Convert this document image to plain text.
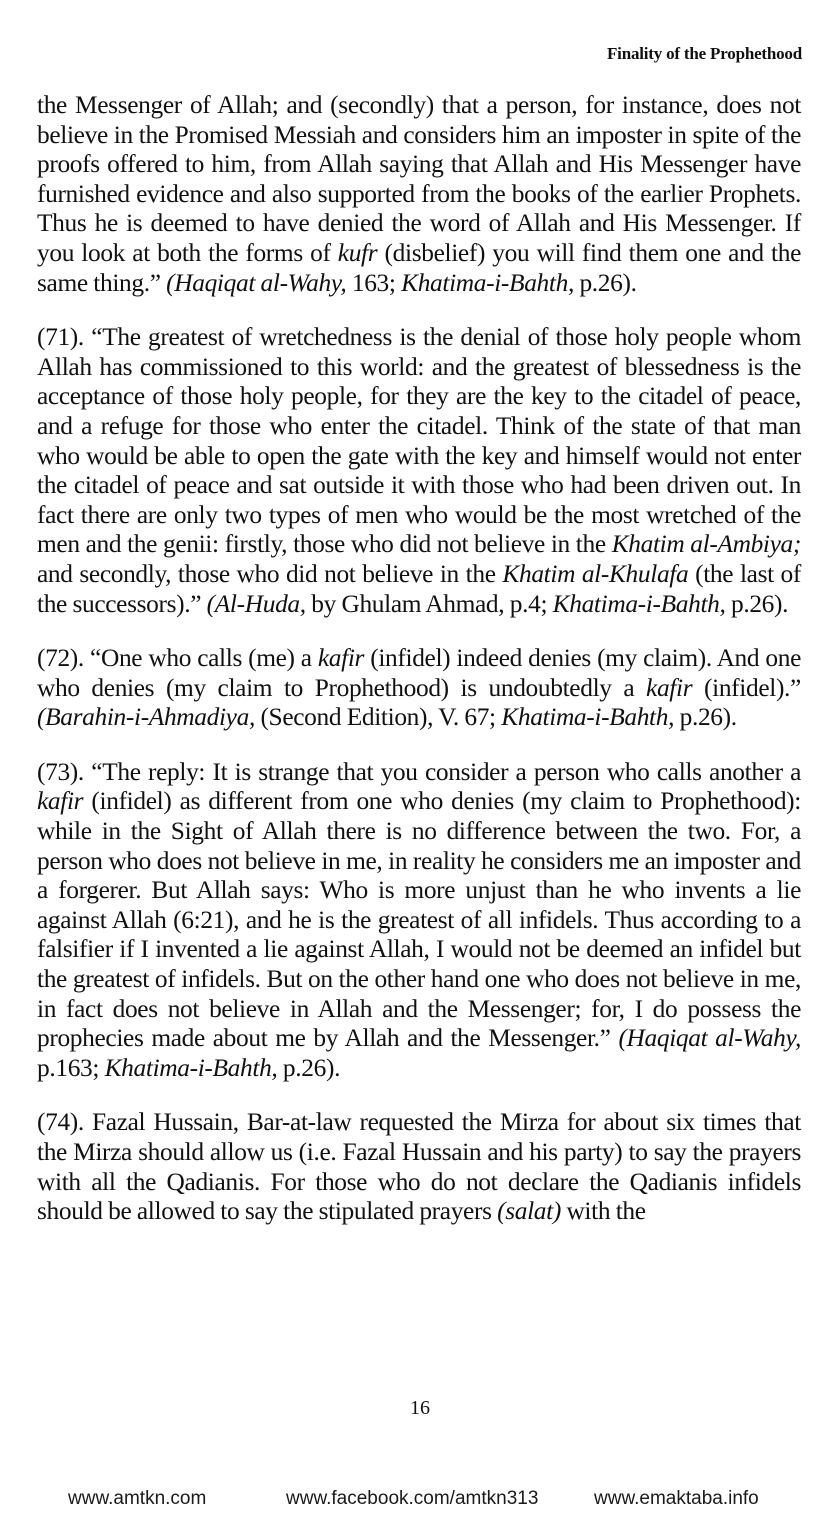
Finality of the Prophethood

the Messenger of Allah; and (secondly) that a person, for instance, does not believe in the Promised Messiah and considers him an imposter in spite of the proofs offered to him, from Allah saying that Allah and His Messenger have furnished evidence and also supported from the books of the earlier Prophets. Thus he is deemed to have denied the word of Allah and His Messenger. If you look at both the forms of kufr (disbelief) you will find them one and the same thing.” (Haqiqat al-Wahy, 163; Khatima-i-Bahth, p.26).

(71). “The greatest of wretchedness is the denial of those holy people whom Allah has commissioned to this world: and the greatest of blessedness is the acceptance of those holy people, for they are the key to the citadel of peace, and a refuge for those who enter the citadel. Think of the state of that man who would be able to open the gate with the key and himself would not enter the citadel of peace and sat outside it with those who had been driven out. In fact there are only two types of men who would be the most wretched of the men and the genii: firstly, those who did not believe in the Khatim al-Ambiya; and secondly, those who did not believe in the Khatim al-Khulafa (the last of the successors).” (Al-Huda, by Ghulam Ahmad, p.4; Khatima-i-Bahth, p.26).

(72). “One who calls (me) a kafir (infidel) indeed denies (my claim). And one who denies (my claim to Prophethood) is undoubtedly a kafir (infidel).” (Barahin-i-Ahmadiya, (Second Edition), V. 67; Khatima-i-Bahth, p.26).

(73). “The reply: It is strange that you consider a person who calls another a kafir (infidel) as different from one who denies (my claim to Prophethood): while in the Sight of Allah there is no difference between the two. For, a person who does not believe in me, in reality he considers me an imposter and a forgerer. But Allah says: Who is more unjust than he who invents a lie against Allah (6:21), and he is the greatest of all infidels. Thus according to a falsifier if I invented a lie against Allah, I would not be deemed an infidel but the greatest of infidels. But on the other hand one who does not believe in me, in fact does not believe in Allah and the Messenger; for, I do possess the prophecies made about me by Allah and the Messenger.” (Haqiqat al-Wahy, p.163; Khatima-i-Bahth, p.26).

(74). Fazal Hussain, Bar-at-law requested the Mirza for about six times that the Mirza should allow us (i.e. Fazal Hussain and his party) to say the prayers with all the Qadianis. For those who do not declare the Qadianis infidels should be allowed to say the stipulated prayers (salat) with the

16
www.amtkn.com	www.facebook.com/amtkn313	www.emaktaba.info
